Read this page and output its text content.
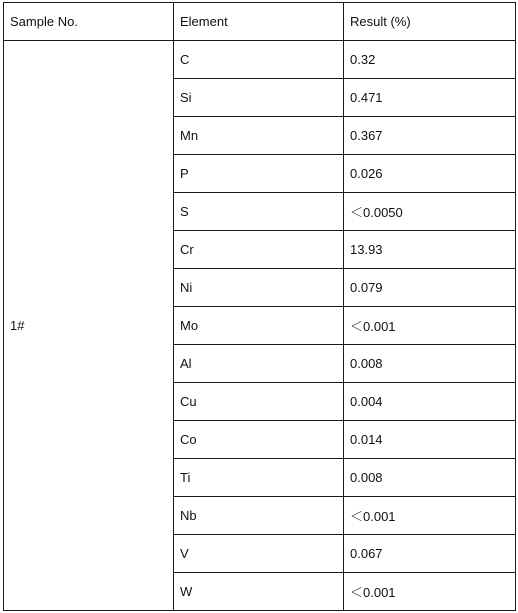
Sample No.	Element	Result (%)
1#	C	0.32
	Si	0.471
	Mn	0.367
	P	0.026
	S	＜0.0050
	Cr	13.93
	Ni	0.079
	Mo	＜0.001
	Al	0.008
	Cu	0.004
	Co	0.014
	Ti	0.008
	Nb	＜0.001
	V	0.067
	W	＜0.001
